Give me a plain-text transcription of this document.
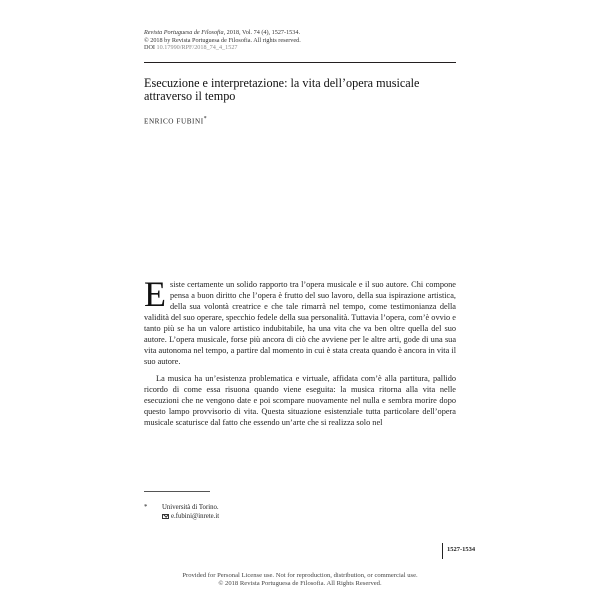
Revista Portuguesa de Filosofia, 2018, Vol. 74 (4), 1527-1534.
© 2018 by Revista Portuguesa de Filosofia. All rights reserved.
DOI 10.17990/RPF/2018_74_4_1527
Esecuzione e interpretazione: la vita dell’opera musicale attraverso il tempo
ENRICO FUBINI*

Esiste certamente un solido rapporto tra l’opera musicale e il suo autore. Chi compone pensa a buon diritto che l’opera è frutto del suo lavoro, della sua ispirazione artistica, della sua volontà creatrice e che tale rimarrà nel tempo, come testimonianza della validità del suo operare, specchio fedele della sua personalità. Tuttavia l’opera, com’è ovvio e tanto più se ha un valore artistico indubitabile, ha una vita che va ben oltre quella del suo autore. L’opera musicale, forse più ancora di ciò che avviene per le altre arti, gode di una sua vita autonoma nel tempo, a partire dal momento in cui è stata creata quando è ancora in vita il suo autore.

La musica ha un’esistenza problematica e virtuale, affidata com’è alla partitura, pallido ricordo di come essa risuona quando viene eseguita: la musica ritorna alla vita nelle esecuzioni che ne vengono date e poi scompare nuovamente nel nulla e sembra morire dopo questo lampo provvisorio di vita. Questa situazione esistenziale tutta particolare dell’opera musicale scaturisce dal fatto che essendo un’arte che si realizza solo nel

* Università di Torino.
e.fubini@inrete.it
1527-1534
Provided for Personal License use. Not for reproduction, distribution, or commercial use.
© 2018 Revista Portuguesa de Filosofia. All Rights Reserved.
